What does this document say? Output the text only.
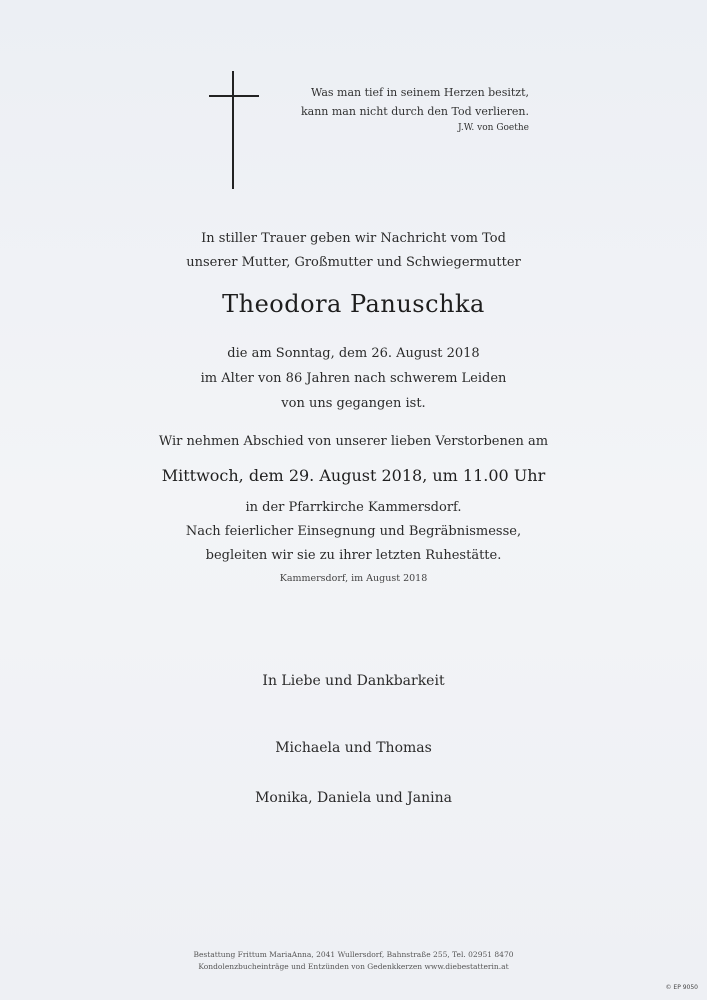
Was man tief in seinem Herzen besitzt,
kann man nicht durch den Tod verlieren.
J.W. von Goethe
In stiller Trauer geben wir Nachricht vom Tod
unserer Mutter, Großmutter und Schwiegermutter
Theodora Panuschka
die am Sonntag, dem 26. August 2018
im Alter von 86 Jahren nach schwerem Leiden
von uns gegangen ist.
Wir nehmen Abschied von unserer lieben Verstorbenen am
Mittwoch, dem 29. August 2018, um 11.00 Uhr
in der Pfarrkirche Kammersdorf.
Nach feierlicher Einsegnung und Begräbnismesse,
begleiten wir sie zu ihrer letzten Ruhestätte.
Kammersdorf, im August 2018
In Liebe und Dankbarkeit
Michaela und Thomas
Monika, Daniela und Janina
Bestattung Frittum MariaAnna, 2041 Wullersdorf, Bahnstraße 255, Tel. 02951 8470
Kondolenzbucheinträge und Entzünden von Gedenkkerzen www.diebestatterin.at
© EP 9050
